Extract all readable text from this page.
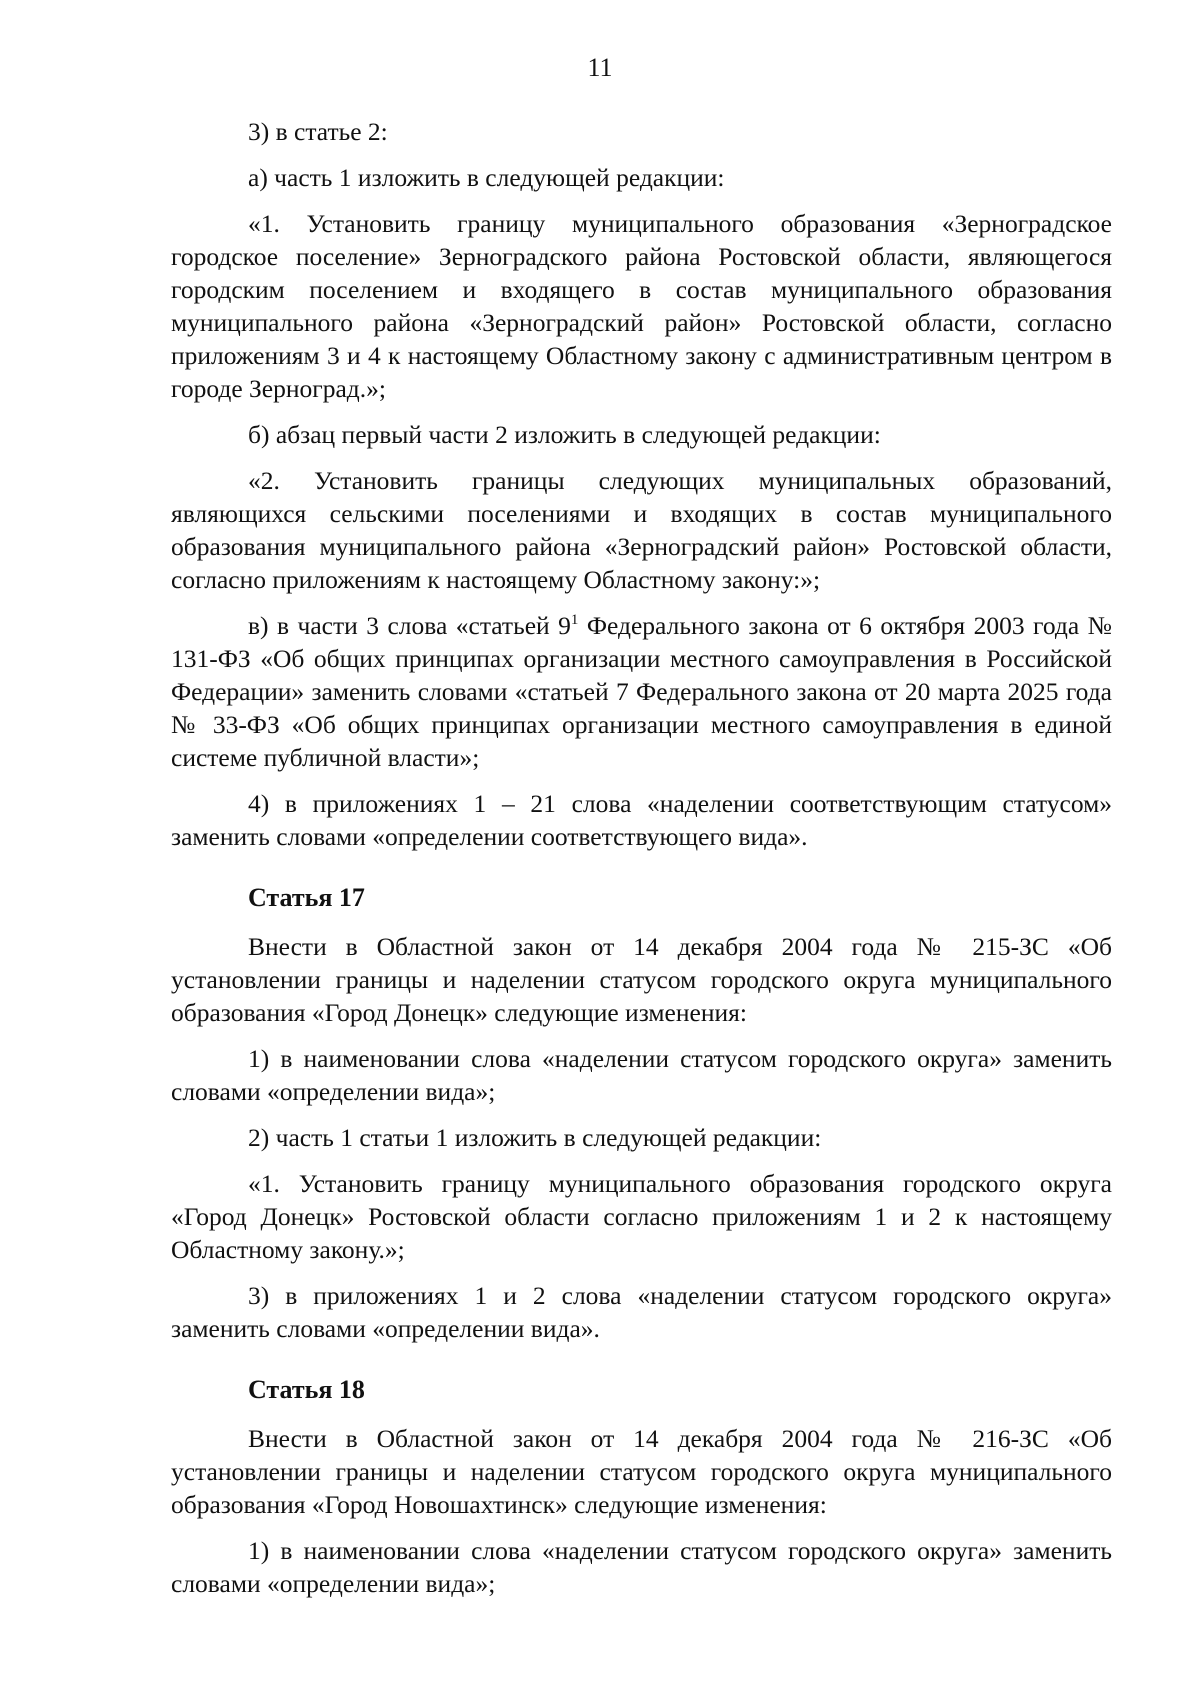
11

3) в статье 2:

а) часть 1 изложить в следующей редакции:

«1. Установить границу муниципального образования «Зерноградское городское поселение» Зерноградского района Ростовской области, являющегося городским поселением и входящего в состав муниципального образования муниципального района «Зерноградский район» Ростовской области, согласно приложениям 3 и 4 к настоящему Областному закону с административным центром в городе Зерноград.»;

б) абзац первый части 2 изложить в следующей редакции:

«2. Установить границы следующих муниципальных образований, являющихся сельскими поселениями и входящих в состав муниципального образования муниципального района «Зерноградский район» Ростовской области, согласно приложениям к настоящему Областному закону:»;

в) в части 3 слова «статьей $9^1$ Федерального закона от 6 октября 2003 года № 131-ФЗ «Об общих принципах организации местного самоуправления в Российской Федерации» заменить словами «статьей 7 Федерального закона от 20 марта 2025 года № 33-ФЗ «Об общих принципах организации местного самоуправления в единой системе публичной власти»;

4) в приложениях 1 – 21 слова «наделении соответствующим статусом» заменить словами «определении соответствующего вида».

Статья 17

Внести в Областной закон от 14 декабря 2004 года № 215-ЗС «Об установлении границы и наделении статусом городского округа муниципального образования «Город Донецк» следующие изменения:

1) в наименовании слова «наделении статусом городского округа» заменить словами «определении вида»;

2) часть 1 статьи 1 изложить в следующей редакции:

«1. Установить границу муниципального образования городского округа «Город Донецк» Ростовской области согласно приложениям 1 и 2 к настоящему Областному закону.»;

3) в приложениях 1 и 2 слова «наделении статусом городского округа» заменить словами «определении вида».

Статья 18

Внести в Областной закон от 14 декабря 2004 года № 216-ЗС «Об установлении границы и наделении статусом городского округа муниципального образования «Город Новошахтинск» следующие изменения:

1) в наименовании слова «наделении статусом городского округа» заменить словами «определении вида»;
